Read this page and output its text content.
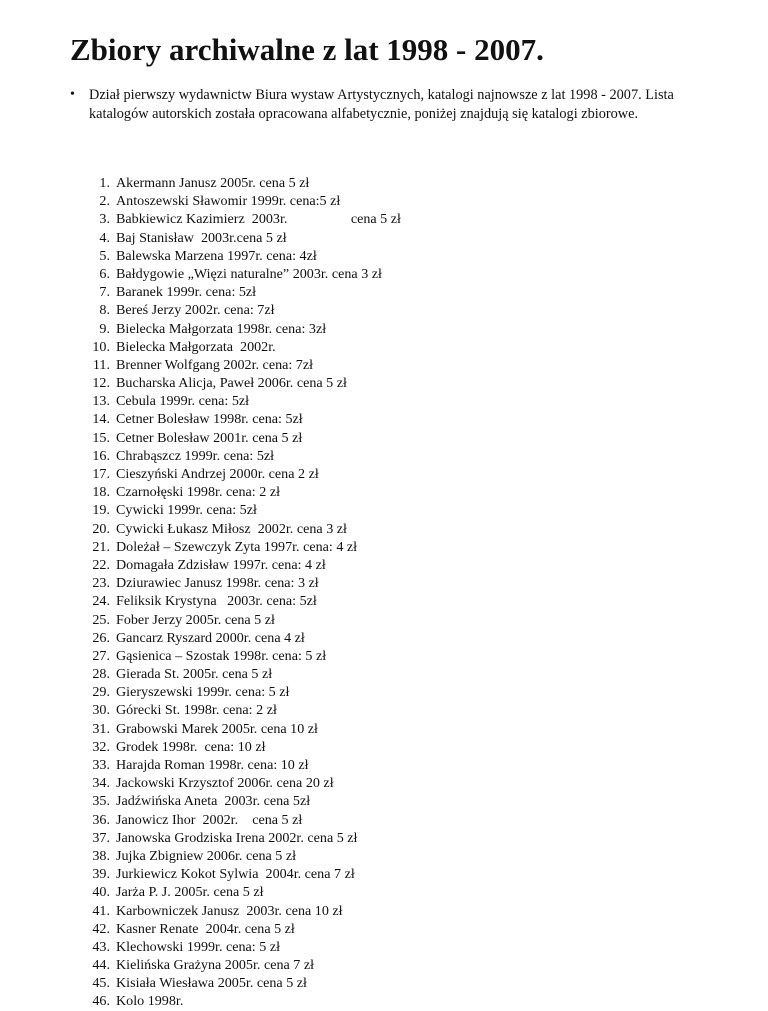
Zbiory archiwalne z lat 1998 - 2007.
• Dział pierwszy wydawnictw Biura wystaw Artystycznych, katalogi najnowsze z lat 1998 - 2007. Lista katalogów autorskich została opracowana alfabetycznie, poniżej znajdują się katalogi zbiorowe.

1. Akermann Janusz 2005r. cena 5 zł
2. Antoszewski Sławomir 1999r. cena:5 zł
3. Babkiewicz Kazimierz  2003r.                  cena 5 zł
4. Baj Stanisław  2003r.cena 5 zł
5. Balewska Marzena 1997r. cena: 4zł
6. Bałdygowie „Więzi naturalne” 2003r. cena 3 zł
7. Baranek 1999r. cena: 5zł
8. Bereś Jerzy 2002r. cena: 7zł
9. Bielecka Małgorzata 1998r. cena: 3zł
10. Bielecka Małgorzata  2002r.
11. Brenner Wolfgang 2002r. cena: 7zł
12. Bucharska Alicja, Paweł 2006r. cena 5 zł
13. Cebula 1999r. cena: 5zł
14. Cetner Bolesław 1998r. cena: 5zł
15. Cetner Bolesław 2001r. cena 5 zł
16. Chrabąszcz 1999r. cena: 5zł
17. Cieszyński Andrzej 2000r. cena 2 zł
18. Czarnołęski 1998r. cena: 2 zł
19. Cywicki 1999r. cena: 5zł
20. Cywicki Łukasz Miłosz  2002r. cena 3 zł
21. Doleżał – Szewczyk Zyta 1997r. cena: 4 zł
22. Domagała Zdzisław 1997r. cena: 4 zł
23. Dziurawiec Janusz 1998r. cena: 3 zł
24. Feliksik Krystyna   2003r. cena: 5zł
25. Fober Jerzy 2005r. cena 5 zł
26. Gancarz Ryszard 2000r. cena 4 zł
27. Gąsienica – Szostak 1998r. cena: 5 zł
28. Gierada St. 2005r. cena 5 zł
29. Gieryszewski 1999r. cena: 5 zł
30. Górecki St. 1998r. cena: 2 zł
31. Grabowski Marek 2005r. cena 10 zł
32. Grodek 1998r.  cena: 10 zł
33. Harajda Roman 1998r. cena: 10 zł
34. Jackowski Krzysztof 2006r. cena 20 zł
35. Jadźwińska Aneta  2003r. cena 5zł
36. Janowicz Ihor  2002r.    cena 5 zł
37. Janowska Grodziska Irena 2002r. cena 5 zł
38. Jujka Zbigniew 2006r. cena 5 zł
39. Jurkiewicz Kokot Sylwia  2004r. cena 7 zł
40. Jarża P. J. 2005r. cena 5 zł
41. Karbowniczek Janusz  2003r. cena 10 zł
42. Kasner Renate  2004r. cena 5 zł
43. Klechowski 1999r. cena: 5 zł
44. Kielińska Grażyna 2005r. cena 7 zł
45. Kisiała Wiesława 2005r. cena 5 zł
46. Kolo 1998r.
